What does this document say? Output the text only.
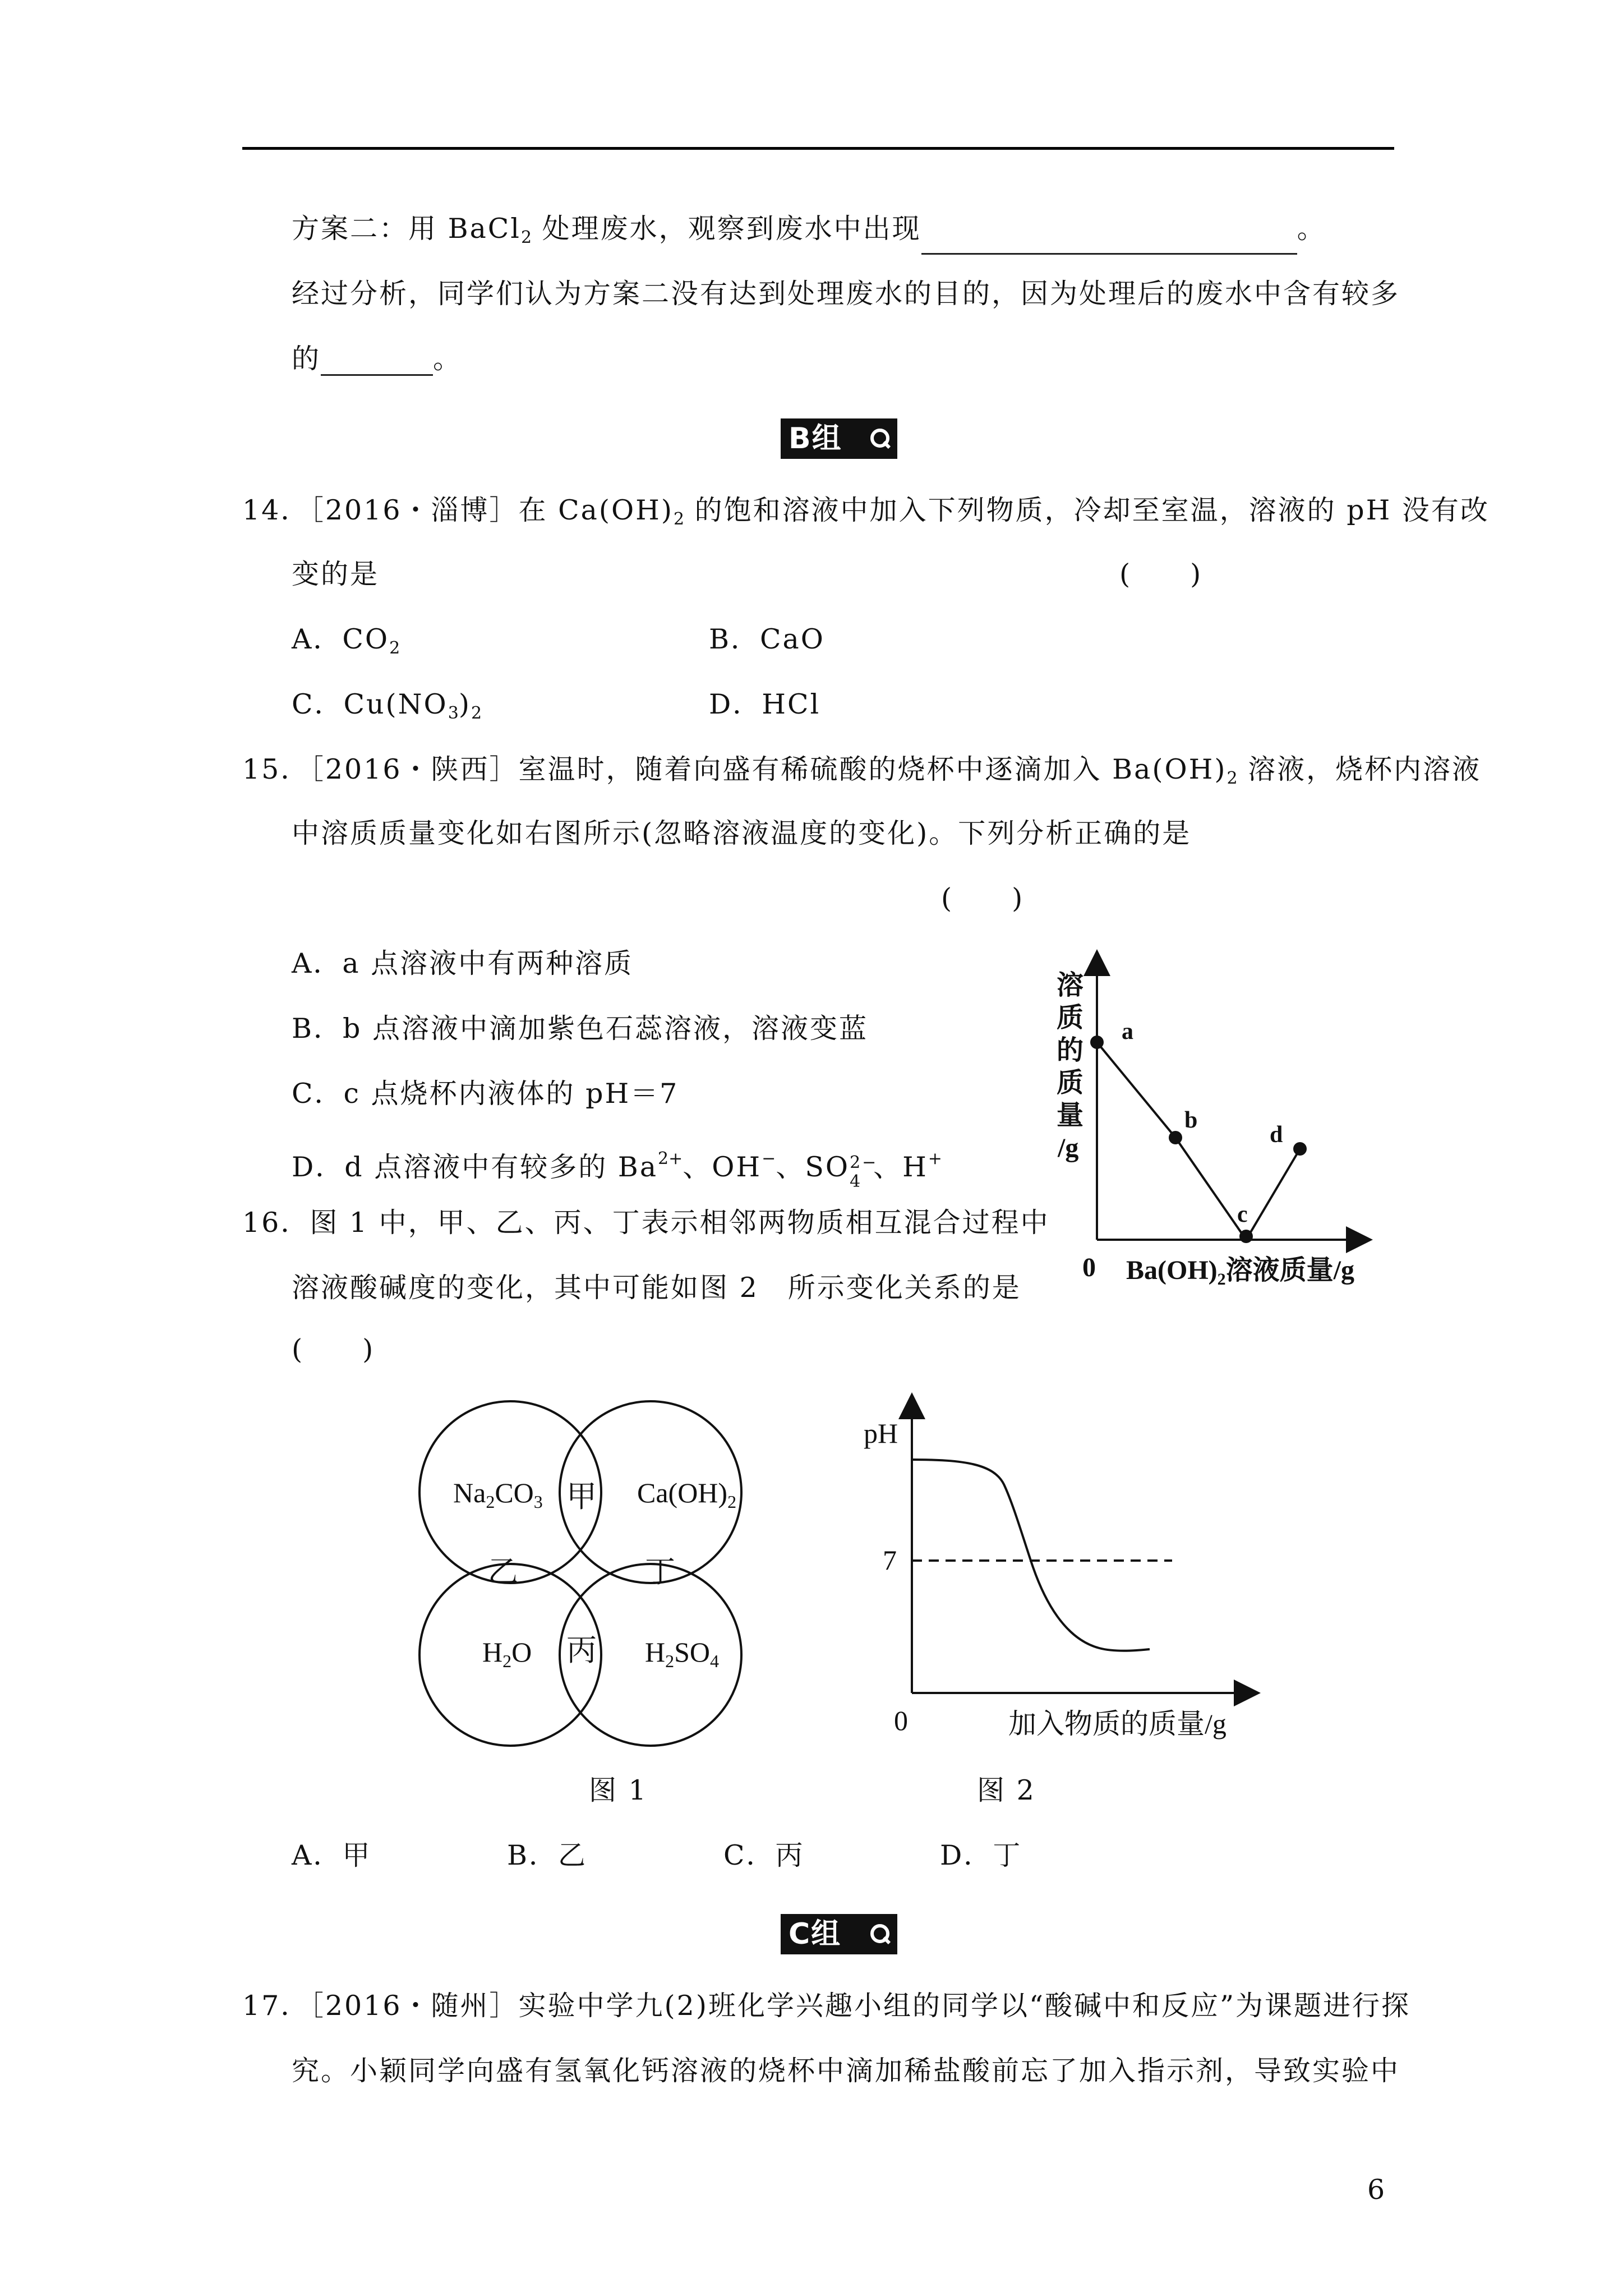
方案二：用 BaCl$_2$ 处理废水，观察到废水中出现	。
经过分析，同学们认为方案二没有达到处理废水的目的，因为处理后的废水中含有较多
的	。
B组
14．［2016・淄博］在 $Ca(OH)_2$ 的饱和溶液中加入下列物质，冷却至室温，溶液的 pH 没有改
变的是	(　　)
A．$CO_2$	B．CaO
C．$Cu(NO_3)_2$	D．HCl
15．［2016・陕西］室温时，随着向盛有稀硫酸的烧杯中逐滴加入 $Ba(OH)_2$ 溶液，烧杯内溶液
中溶质质量变化如右图所示(忽略溶液温度的变化)。下列分析正确的是
(　　)
A．a 点溶液中有两种溶质
B．b 点溶液中滴加紫色石蕊溶液，溶液变蓝
C．c 点烧杯内液体的 pH＝7
D．d 点溶液中有较多的 $Ba^{2+}$、OH−、SO 2−
4 、H+
溶
质
的
质
量
/g
0 $Ba(OH)_2$溶液质量/g
a
b
c
d
16．图 1 中，甲、乙、丙、丁表示相邻两物质相互混合过程中
溶液酸碱度的变化，其中可能如图 2　所示变化关系的是
(　　)
$Na_2CO_3$	$Ca(OH)_2$
$H_2O$	$H_2SO_4$
甲
乙	丁
丙
pH
7
0	加入物质的质量/g
图 1	图 2
A．甲	B．乙	C．丙	D．丁
C组
17．［2016・随州］实验中学九(2)班化学兴趣小组的同学以“酸碱中和反应”为课题进行探
究。小颖同学向盛有氢氧化钙溶液的烧杯中滴加稀盐酸前忘了加入指示剂，导致实验中
6
